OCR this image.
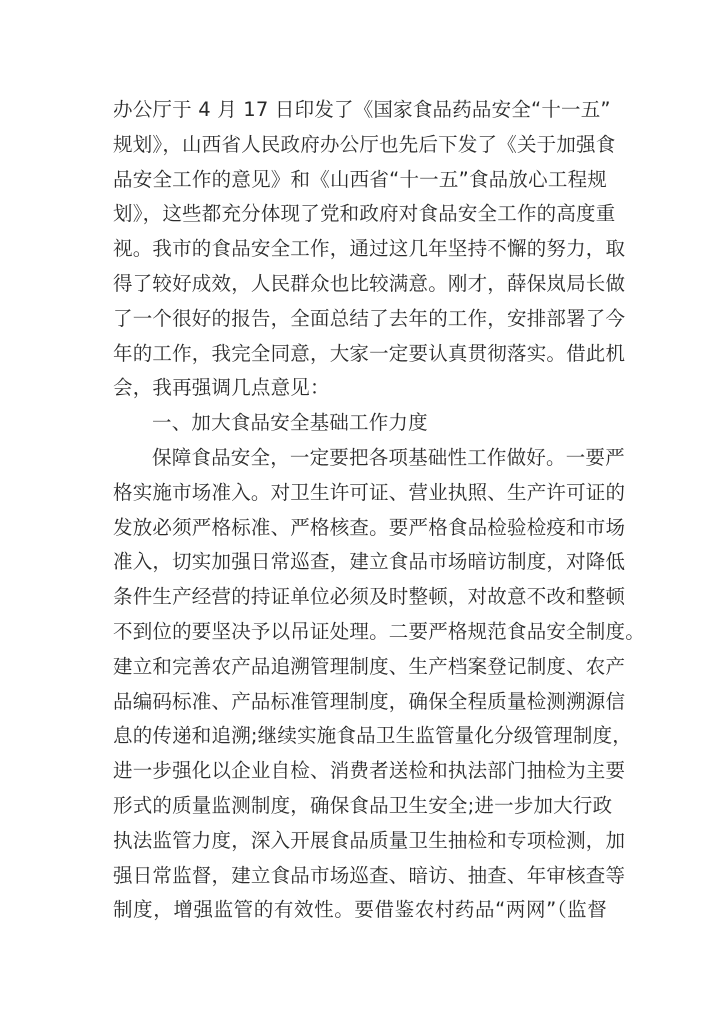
办公厅于 4 月 17 日印发了《国家食品药品安全“十一五”
规划》，山西省人民政府办公厅也先后下发了《关于加强食
品安全工作的意见》和《山西省“十一五”食品放心工程规
划》，这些都充分体现了党和政府对食品安全工作的高度重
视。我市的食品安全工作，通过这几年坚持不懈的努力，取
得了较好成效，人民群众也比较满意。刚才，薛保岚局长做
了一个很好的报告，全面总结了去年的工作，安排部署了今
年的工作，我完全同意，大家一定要认真贯彻落实。借此机
会，我再强调几点意见：
一、加大食品安全基础工作力度
保障食品安全，一定要把各项基础性工作做好。一要严
格实施市场准入。对卫生许可证、营业执照、生产许可证的
发放必须严格标准、严格核查。要严格食品检验检疫和市场
准入，切实加强日常巡查，建立食品市场暗访制度，对降低
条件生产经营的持证单位必须及时整顿，对故意不改和整顿
不到位的要坚决予以吊证处理。二要严格规范食品安全制度。
建立和完善农产品追溯管理制度、生产档案登记制度、农产
品编码标准、产品标准管理制度，确保全程质量检测溯源信
息的传递和追溯;继续实施食品卫生监管量化分级管理制度，
进一步强化以企业自检、消费者送检和执法部门抽检为主要
形式的质量监测制度，确保食品卫生安全;进一步加大行政
执法监管力度，深入开展食品质量卫生抽检和专项检测，加
强日常监督，建立食品市场巡查、暗访、抽查、年审核查等
制度，增强监管的有效性。要借鉴农村药品“两网”（监督
